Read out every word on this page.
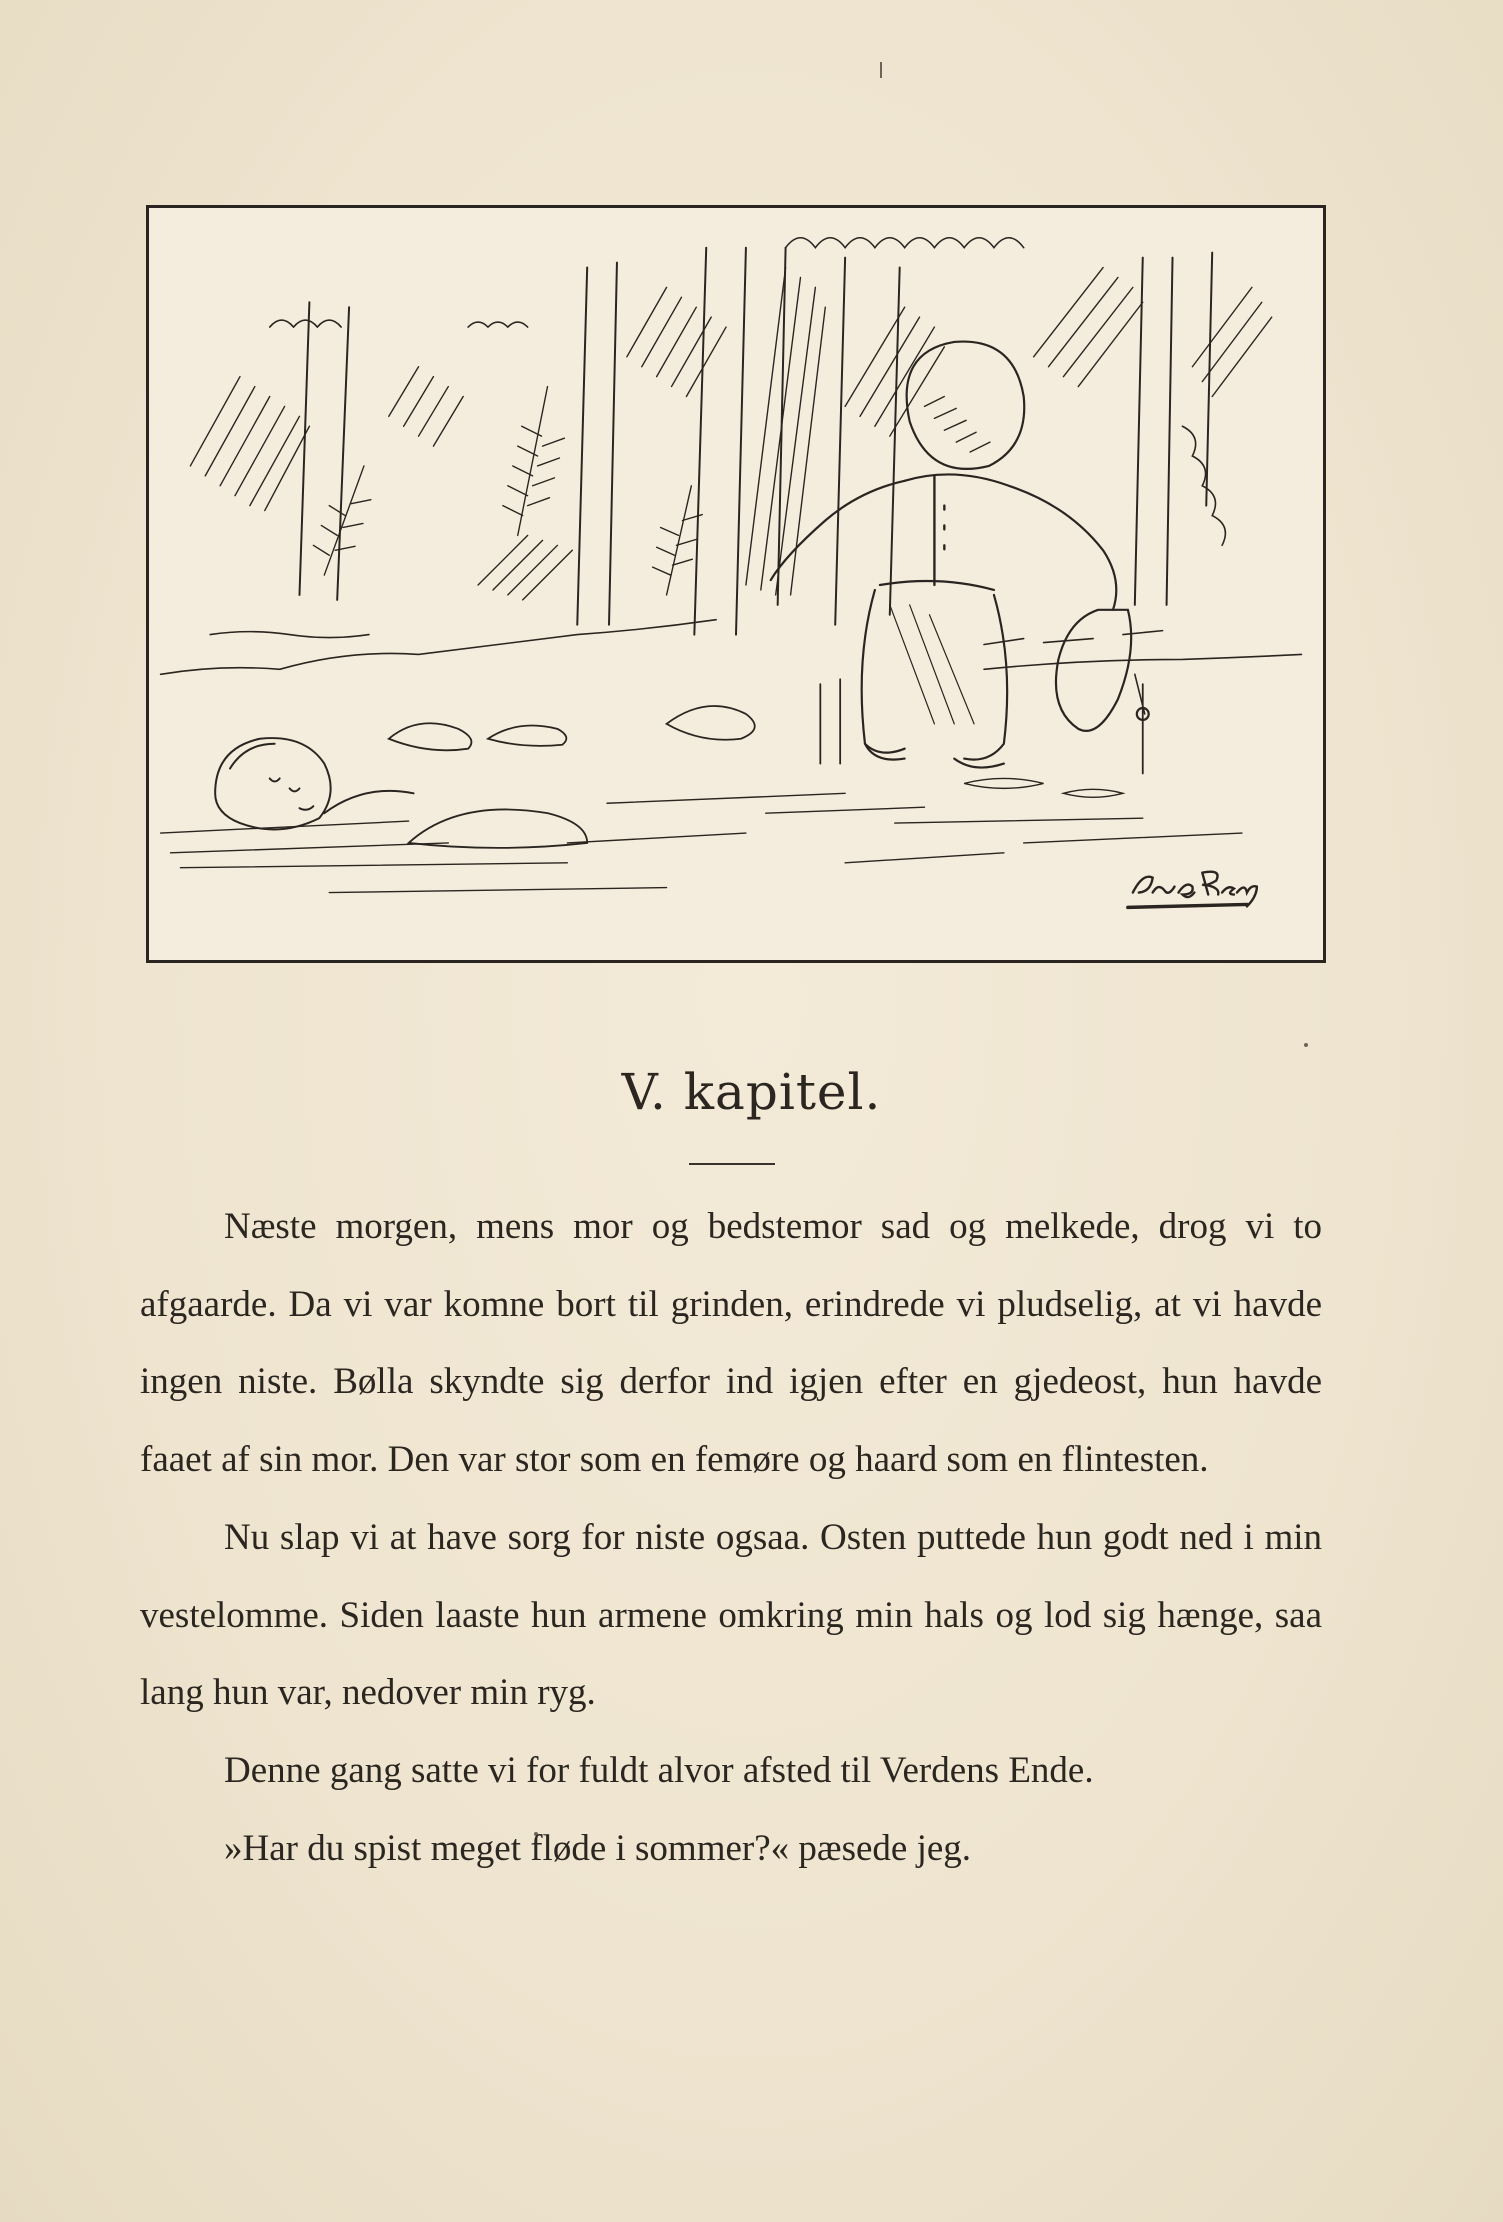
V. kapitel.

Næste morgen, mens mor og bedstemor sad og melkede, drog vi to afgaarde. Da vi var komne bort til grinden, erindrede vi pludselig, at vi havde ingen niste. Bølla skyndte sig derfor ind igjen efter en gjedeost, hun havde faaet af sin mor. Den var stor som en femøre og haard som en flintesten.

Nu slap vi at have sorg for niste ogsaa. Osten puttede hun godt ned i min vestelomme. Siden laaste hun armene omkring min hals og lod sig hænge, saa lang hun var, nedover min ryg.

Denne gang satte vi for fuldt alvor afsted til Verdens Ende.

»Har du spist meget fløde i sommer?« pæsede jeg.
